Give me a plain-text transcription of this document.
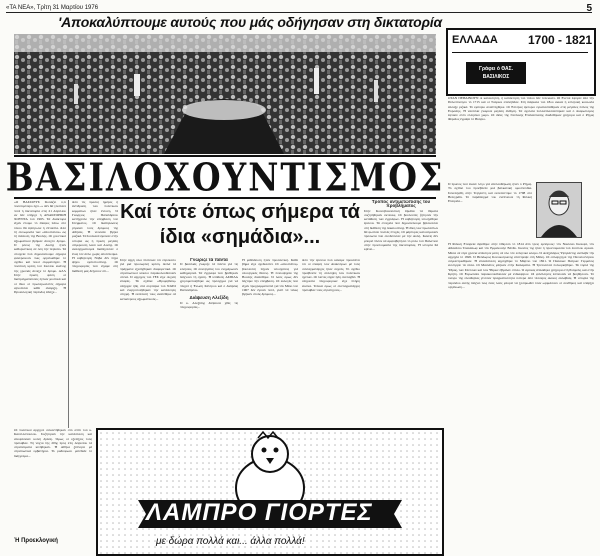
«ΤΑ ΝΕΑ», Τρίτη 31 Μαρτίου 1976	5
'Αποκαλύπτουμε αυτούς που μάς οδήγησαν στη δικτατορία
ΒΑΣΙΛΟΧΟΥΝΤΙΣΜΟΣ
«Ο ΒΑΣΙΛΕΥΣ θυσιάζει ό,τι πολυτιμότερο έχει...» Δέν θά γινότανε ποτέ ή δικτατορία στίς 21 Απριλίου αν δέν υπήρχε ή ΑΝΑΚΤΟΡΙΚΗ ΧΟΥΝΤΑ τού 1965. Τά Ανάκτορα είχαν έτοιμο τό έδαφος πάνω στό όποιο θά έφύτρωνε ή έπταετία. Άπό τή συνωμοσία τών «άποστατών» ώς τή διάλυση τής Βουλής. Οί χουντικοί άξιωματικοί βρήκαν άνοιχτό δρόμο. Ό ρόλος τής Αυλής ήταν καθοριστικός σέ όλη τήν περίοδο. Τά στοιχεία πού δημοσιεύουμε σήμερα φανερώνουν πώς οργανώθηκε τό σχέδιο καί ποιοί συμμετείχαν. Ή πολιτική κρίση τού Ιουλίου εκείνης τής χρονιάς άνοιξε τό δρόμο. ΑΛΛ Στήν πρώτη φάση οί διαπραγματεύσεις έγιναν μυστικά καί οί ίδιοι οί πρωταγωνιστές σήμερα αρνούνται κάθε ανάμιξη. Ή Προεκλογική περίοδος έδειξε...
Άπό τίς πρώτες ήμέρες ή άντίδραση τών πολιτικών κομμάτων ήταν έντονη. Ό Γεώργιος Παπανδρέου κατήγγειλε τήν επέμβαση τού Στέμματος. Οί διαδηλώσεις γέμισαν τούς δρόμους τής Αθήνας. Ή νεολαία βγήκε μαζικά. Τά Ιουλιανά έμειναν στήν ιστορία ώς ή πρώτη μεγάλη σύγκρουση λαού καί Αυλής. Οί ανασχηματισμοί διαδέχονταν ό ένας τόν άλλο χωρίς αποτέλεσμα. Ή κυβέρνηση Νόβα δέν πήρε ψήφο εμπιστοσύνης. Οί πληροφορίες πού είχαμε στή διάθεσή μας δείχνουν ότι...
Καί τότε όπως σήμερα τά ίδια «σημάδια»...
Στήν άρχή όλοι πίστευαν ότι επρόκειτο γιά μιά προσωρινή κρίση. Άλλά τά πράγματα εξελίχθηκαν διαφορετικά. Οί στρατιωτικοί κύκλοι παρακολουθούσαν στενά. Ό αρχηγός τού ΓΕΣ είχε συχνές επαφές. Τά σχέδια «Προμηθεύς» υπήρχαν ήδη στά συρτάρια τού ΝΑΤΟ καί ενεργοποιήθηκαν τήν κατάλληλη στιγμή. Ή εκτέλεσή τους ανατέθηκε σέ κατώτερους αξιωματικούς...
Γνώριζε τά πάντα
Ό βασιλιάς γνώριζε τά πάντα γιά τίς κινήσεις. Οί συνεργάτες του ενημέρωναν καθημερινά. Τά έγγραφα πού βρέθηκαν δείχνουν τή σχέση. Ή υπόθεση ΑΣΠΙΔΑ χρησιμοποιήθηκε ώς πρόσχημα γιά νά πληγεί ή Ένωση Κέντρου καί ό Ανδρέας Παπανδρέου.
Διάψευση Αλεξίδη
Ό κ. Αλεξίδης διέψευσε χθές τίς πληροφορίες...
Ή μεθόδευση ήταν προσεκτική. Κάθε βήμα είχε σχεδιαστεί. Οί «αποστάτες» βουλευτές πήραν υποσχέσεις γιά υπουργικές θέσεις. Ή πλειοψηφία τής Βουλής διαλύθηκε. Ό λαός όμως δέν δέχτηκε τήν επέμβαση. Οί εκλογές πού είχαν προγραμματιστεί γιά τόν Μάιο τού 1967 δέν έγιναν ποτέ, γιατί τά τανκς βγήκαν στούς δρόμους...
Άπό τήν έρευνα πού κάναμε προκύπτει ότι οί επαφές τών Ανακτόρων μέ τούς συνταγματάρχες ήταν συχνές. Τό σχέδιο προέβλεπε τή σύλληψη τών πολιτικών ηγετών. Οί λίστες είχαν ήδη συνταχθεί. Ή υπηρεσία πληροφοριών είχε πλήρη εικόνα. Τελικά όμως οί συνταγματάρχες πρόλαβαν τούς στρατηγούς...
Τρόπος αντιμετώπισης του προβλήματος
Στήν Κοινοβουλευτική Ομάδα τά θέματα συζητήθηκαν εκτενώς. Οί βουλευτές ζήτησαν τήν κατάθεση τών εγγράφων. Ή κυβέρνηση υποσχέθηκε έρευνα. Τά στοιχεία πού δημοσιεύουμε βρίσκονται στή διάθεση τής Δικαιοσύνης. Ή δίκη τών πρωταιτίων θά φωτίσει πολλές πτυχές. Οί μάρτυρες κατονόμασαν πρόσωπα πού συνδέονταν μέ τήν Αυλή. Κανείς δέν μπορεί πλέον νά αμφισβητήσει τό ρόλο τού Παλατιού στήν προετοιμασία τής δικτατορίας. Ή ιστορία θά κρίνει...
Ή Προεκλογική
Οί πολιτικοί αρχηγοί συναντήθηκαν στό σπίτι τού κ. Κανελλόπουλου. Συζήτησαν τήν κατάσταση καί αποφάσισαν κοινή δράση. Όμως οί εξελίξεις τούς πρόλαβαν. Τή νύχτα τής 20ής πρός 21η Απριλίου τά στρατεύματα κινήθηκαν. Ή Αθήνα ξύπνησε μέ στρατιωτικά εμβατήρια. Τό ραδιόφωνο μετέδιδε τό διάγγελμα...
ΛΑΜΠΡΟ ΓΙΟΡΤΕΣ
με δώρα πολλά και... άλλα πολλά!
ΕΛΛΑΔΑ	1700 - 1821
Γράφει ό ΘΑΣ. ΒΑΣΙΛΙΚΟΣ
ΟΤΑΝ ΠΕΘΑΙΝΟΥΝ οί κατακτητές, ή κατάκτηση τού τόπου δέν τελειώνει. Οί Ενετοί έφυγαν άπό τήν Πελοπόννησο τό 1715 καί οί Τούρκοι επανήλθαν. Στή διάρκεια τού 18ου αιώνα ή ελληνική κοινωνία άλλαξε ριζικά. Τό εμπόριο αναπτύχθηκε. Οί Έλληνες έμποροι εγκαταστάθηκαν στίς μεγάλες πόλεις τής Ευρώπης. Ή ναυτιλία γνώρισε μεγάλη άνθηση. Τά σχολεία πολλαπλασιάστηκαν καί ό Διαφωτισμός έφτασε στόν ελληνικό χώρο. Οί ιδέες τής Γαλλικής Επανάστασης διαδόθηκαν γρήγορα καί ό Ρήγας Φεραίος έγραψε τό Θούριο.
Ό πρώτος πού έκανε λόγο γιά απελευθέρωση ήταν ό Ρήγας. Τό σχέδιό του προέβλεπε μιά βαλκανική ομοσπονδία. Συνελήφθη στήν Τεργέστη καί εκτελέστηκε τό 1798 στό Βελιγράδι. Τό παράδειγμά του ενέπνευσε τή Φιλική Εταιρεία...
Ή Φιλική Εταιρεία ιδρύθηκε στήν Οδησσό τό 1814 άπό τρεις εμπόρους: τόν Νικόλαο Σκουφά, τόν Αθανάσιο Τσακάλωφ καί τόν Εμμανουήλ Ξάνθο. Σκοπός της ήταν ή προετοιμασία τού ένοπλου αγώνα. Μέσα σέ λίγα χρόνια απέκτησε μέλη σέ όλο τόν ελληνικό κόσμο. Ό Αλέξανδρος Υψηλάντης ανέλαβε τήν αρχηγία τό 1820. Ό Θεόδωρος Κολοκοτρώνης επέστρεψε στή Μάνη. Οί οπλαρχηγοί τής Πελοποννήσου συγκεντρώθηκαν. Ή επανάσταση κηρύχθηκε τό Μάρτιο τού 1821. Ό Παλαιών Πατρών Γερμανός ευλόγησε τά όπλα. Οί Μανιάτες μπήκαν στήν Καλαμάτα. Ή Τριπολιτσά πολιορκήθηκε. Τά νησιά τής Ύδρας, τών Σπετσών καί τών Ψαρών έβγαλαν στόλο. Ό αγώνας άπλώθηκε γρήγορα στή Ρούμελη καί στήν Κρήτη. Οί Ευρωπαίοι παρακολουθούσαν μέ ενδιαφέρον. Οί φιλέλληνες έσπευσαν νά βοηθήσουν. Τό όνειρο τής ελευθερίας γινόταν πραγματικότητα ύστερα άπό τέσσερις αιώνες σκλαβιάς. Ή ιστορία τής περιόδου αυτής δείχνει πώς ένας λαός μπορεί νά ξεσηκωθεί όταν ωριμάσουν οί συνθήκες καί υπάρξει οργάνωση...
